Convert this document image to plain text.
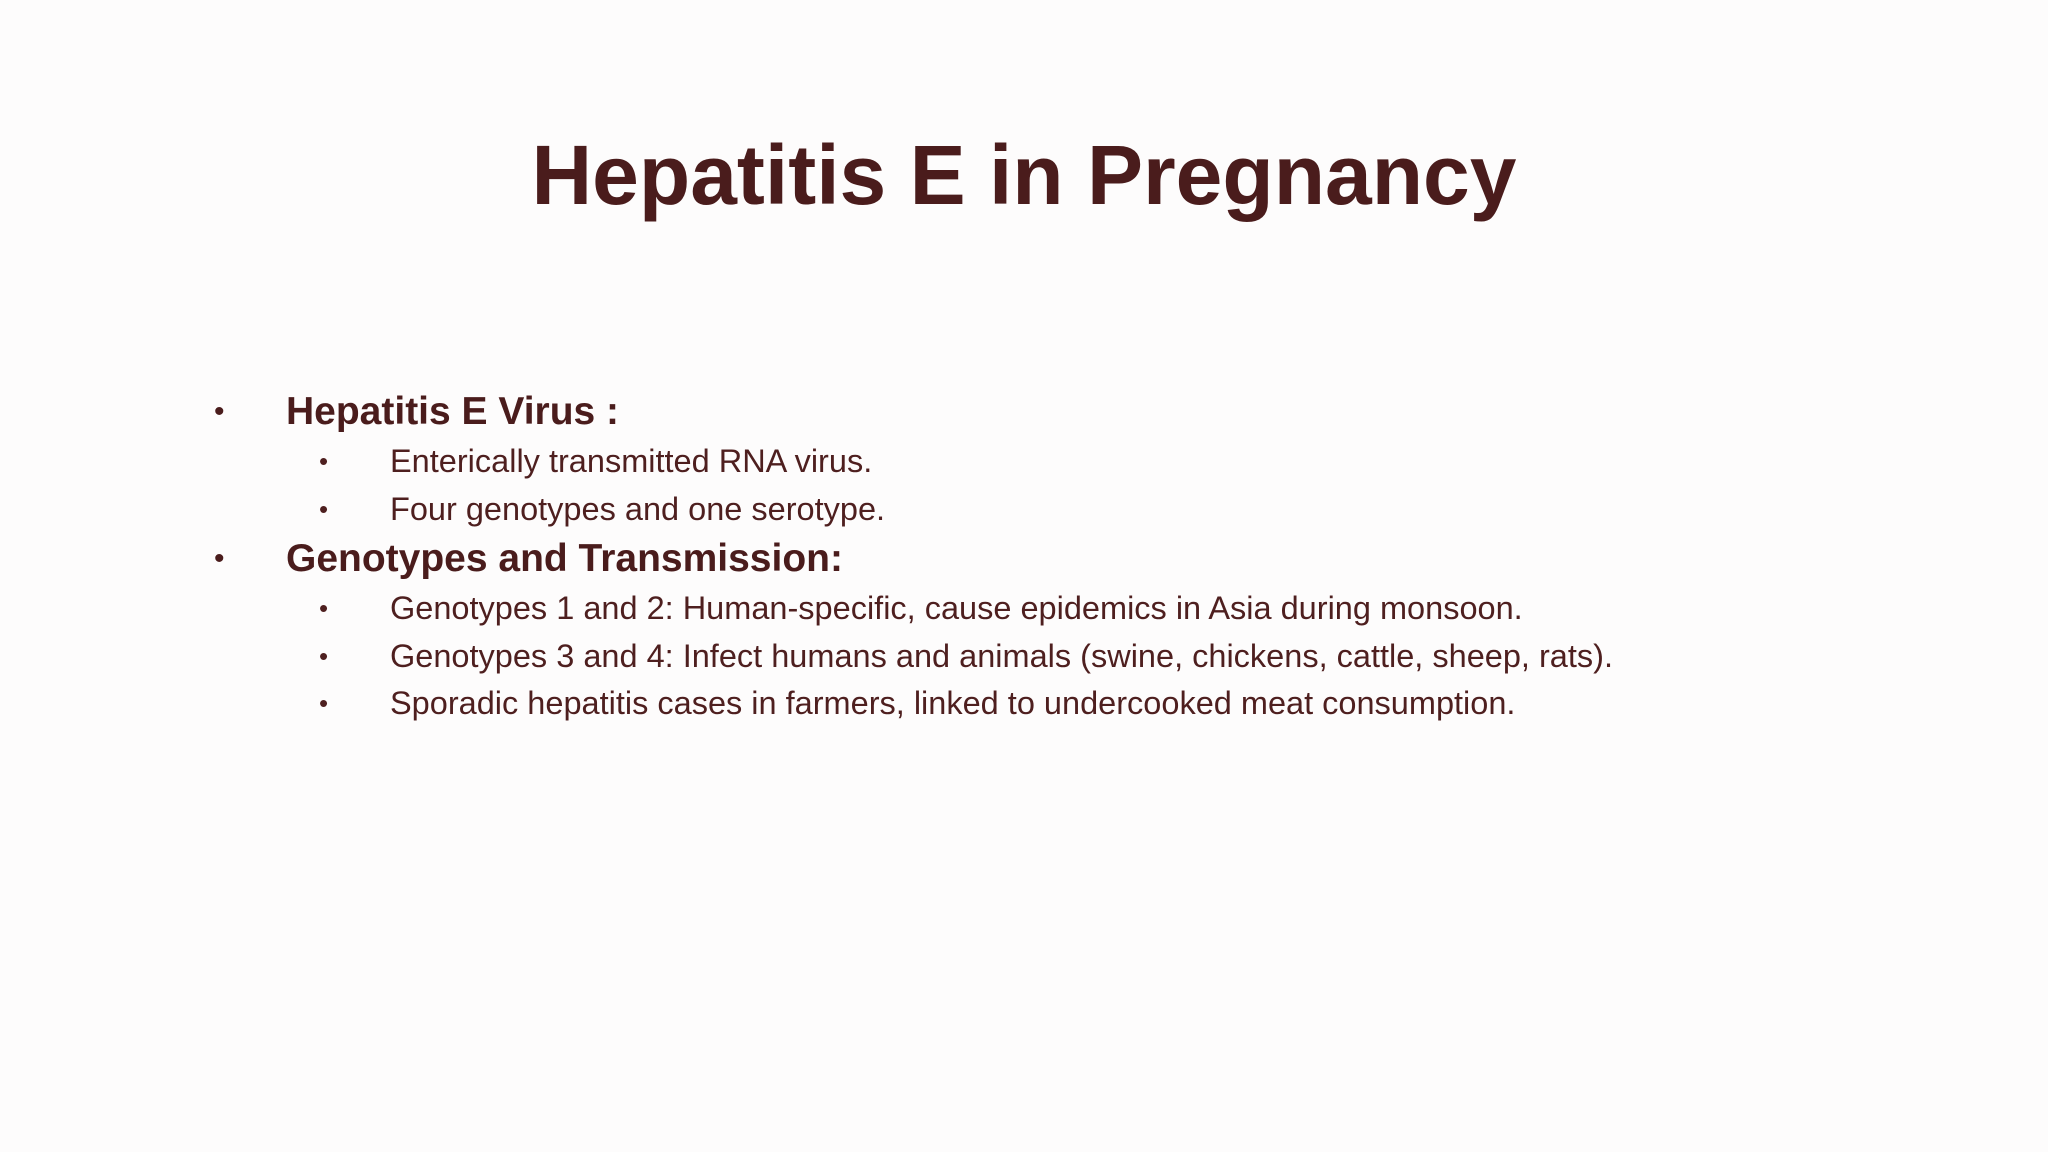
Hepatitis E in Pregnancy
• Hepatitis E Virus :
• Enterically transmitted RNA virus.
• Four genotypes and one serotype.
• Genotypes and Transmission:
• Genotypes 1 and 2: Human-specific, cause epidemics in Asia during monsoon.
• Genotypes 3 and 4: Infect humans and animals (swine, chickens, cattle, sheep, rats).
• Sporadic hepatitis cases in farmers, linked to undercooked meat consumption.
